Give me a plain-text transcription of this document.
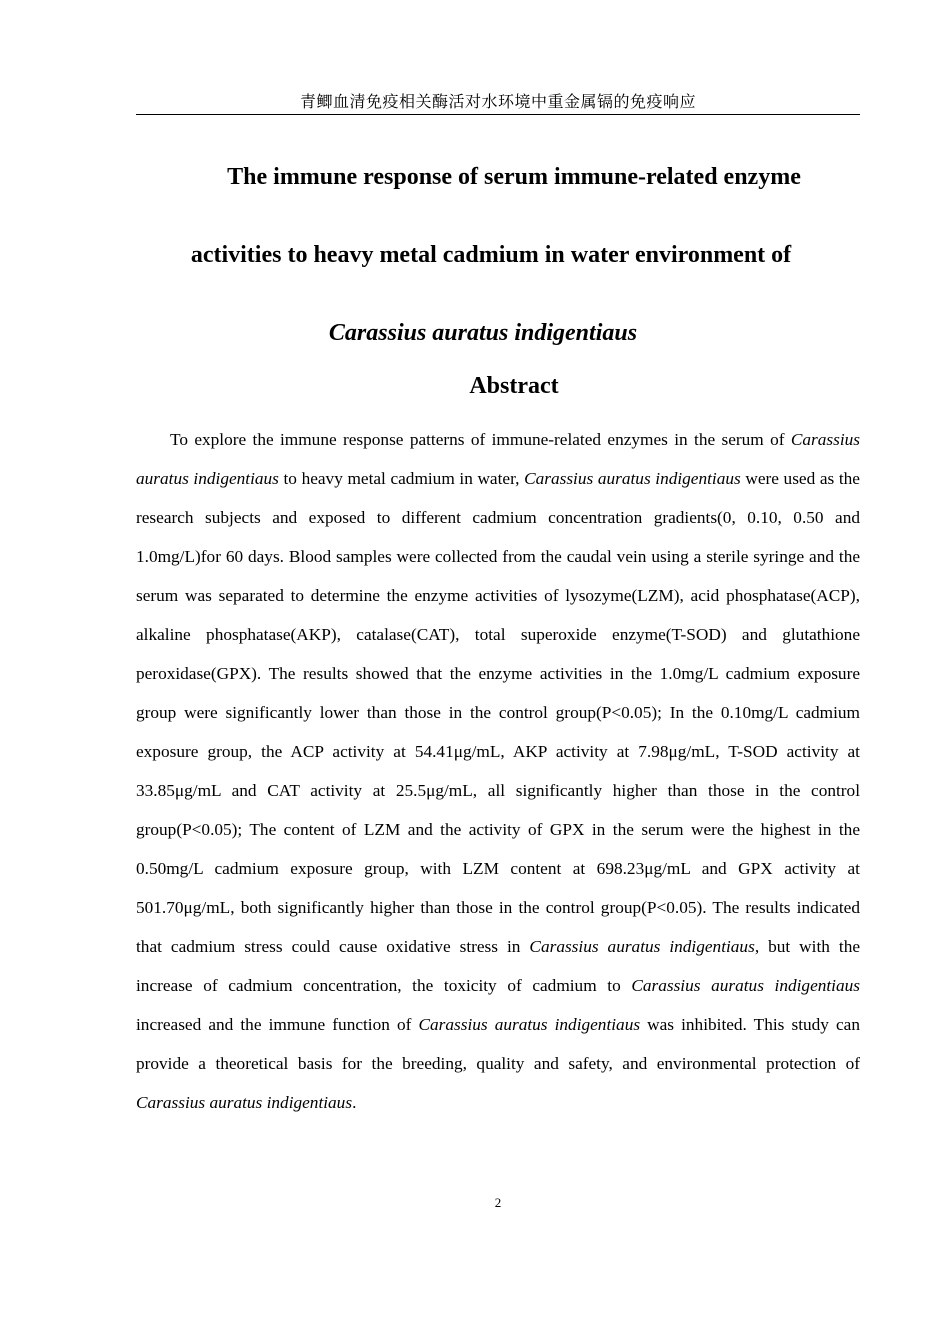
青鲫血清免疫相关酶活对水环境中重金属镉的免疫响应
The immune response of serum immune-related enzyme
activities to heavy metal cadmium in water environment of
Carassius auratus indigentiaus
Abstract

To explore the immune response patterns of immune-related enzymes in the serum of Carassius auratus indigentiaus to heavy metal cadmium in water, Carassius auratus indigentiaus were used as the research subjects and exposed to different cadmium concentration gradients(0, 0.10, 0.50 and 1.0mg/L)for 60 days. Blood samples were collected from the caudal vein using a sterile syringe and the serum was separated to determine the enzyme activities of lysozyme(LZM), acid phosphatase(ACP), alkaline phosphatase(AKP), catalase(CAT), total superoxide enzyme(T-SOD) and glutathione peroxidase(GPX). The results showed that the enzyme activities in the 1.0mg/L cadmium exposure group were significantly lower than those in the control group(P<0.05); In the 0.10mg/L cadmium exposure group, the ACP activity at 54.41μg/mL, AKP activity at 7.98μg/mL, T-SOD activity at 33.85μg/mL and CAT activity at 25.5μg/mL, all significantly higher than those in the control group(P<0.05); The content of LZM and the activity of GPX in the serum were the highest in the 0.50mg/L cadmium exposure group, with LZM content at 698.23μg/mL and GPX activity at 501.70μg/mL, both significantly higher than those in the control group(P<0.05). The results indicated that cadmium stress could cause oxidative stress in Carassius auratus indigentiaus, but with the increase of cadmium concentration, the toxicity of cadmium to Carassius auratus indigentiaus increased and the immune function of Carassius auratus indigentiaus was inhibited. This study can provide a theoretical basis for the breeding, quality and safety, and environmental protection of Carassius auratus indigentiaus.

2
